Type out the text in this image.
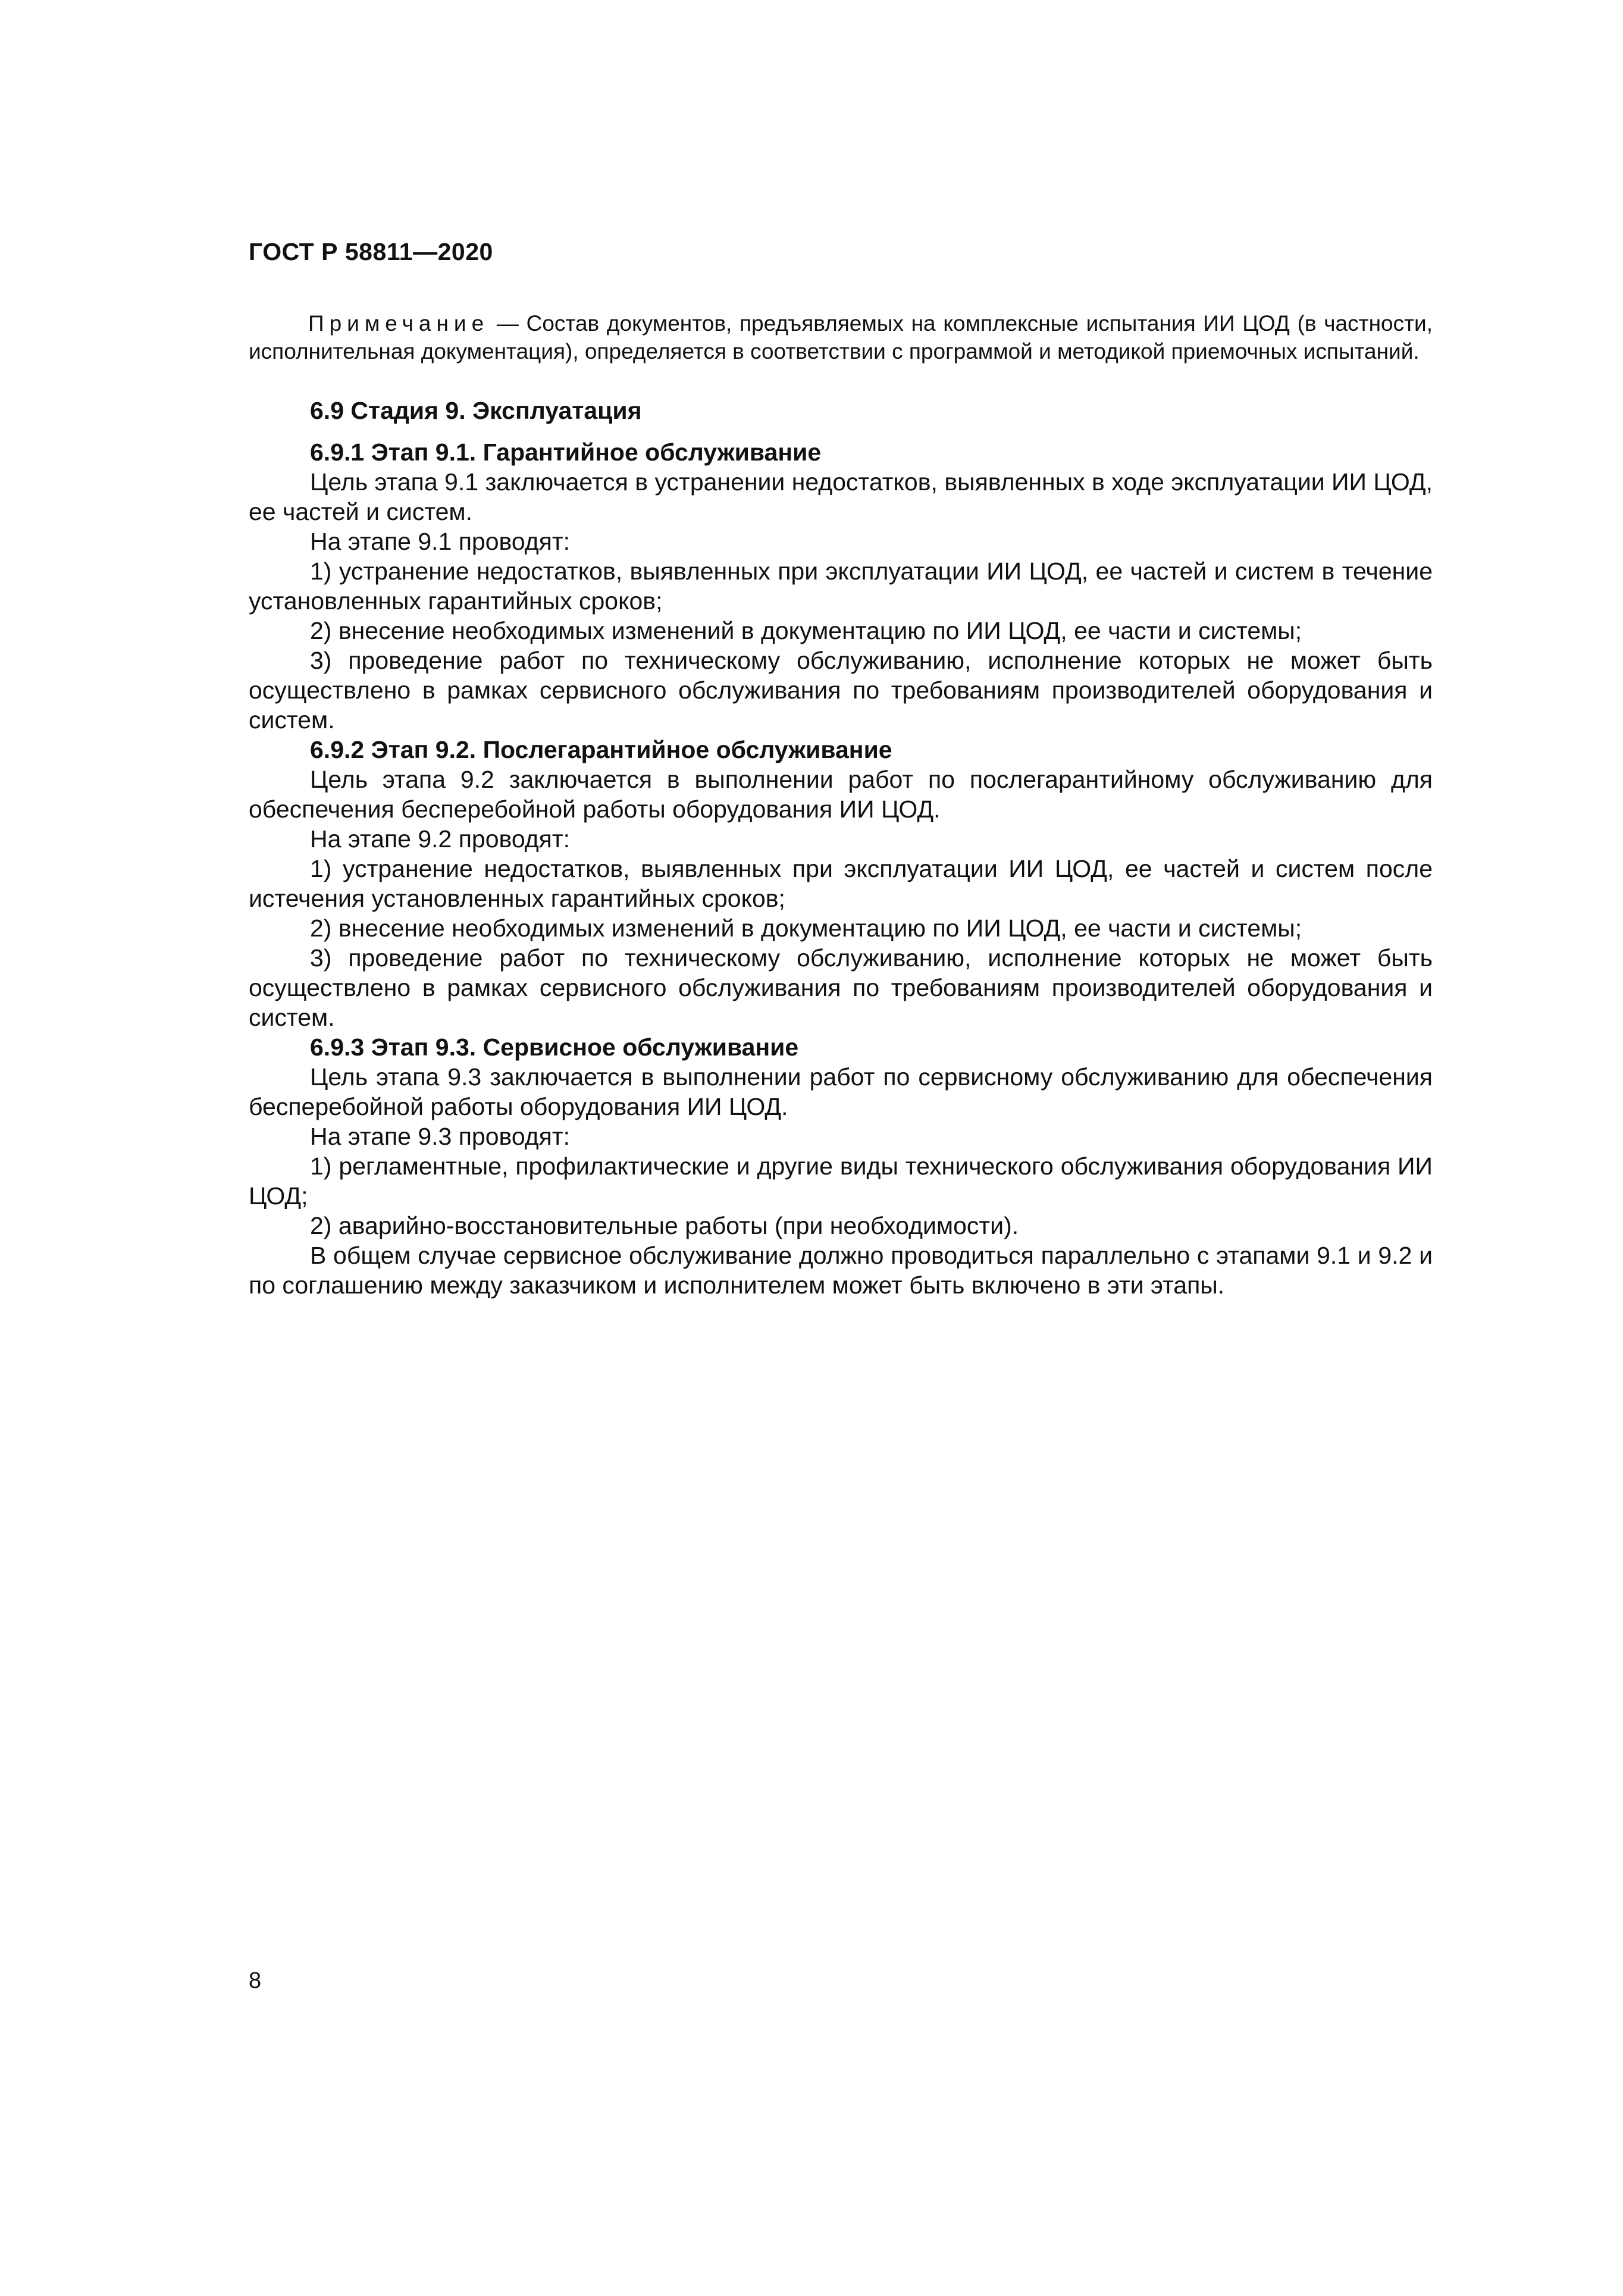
ГОСТ Р 58811—2020
Примечание — Состав документов, предъявляемых на комплексные испытания ИИ ЦОД (в частности, исполнительная документация), определяется в соответствии с программой и методикой приемочных испытаний.

6.9 Стадия 9. Эксплуатация

6.9.1 Этап 9.1. Гарантийное обслуживание

Цель этапа 9.1 заключается в устранении недостатков, выявленных в ходе эксплуатации ИИ ЦОД, ее частей и систем.

На этапе 9.1 проводят:

1) устранение недостатков, выявленных при эксплуатации ИИ ЦОД, ее частей и систем в течение установленных гарантийных сроков;

2) внесение необходимых изменений в документацию по ИИ ЦОД, ее части и системы;

3) проведение работ по техническому обслуживанию, исполнение которых не может быть осуществлено в рамках сервисного обслуживания по требованиям производителей оборудования и систем.

6.9.2 Этап 9.2. Послегарантийное обслуживание

Цель этапа 9.2 заключается в выполнении работ по послегарантийному обслуживанию для обеспечения бесперебойной работы оборудования ИИ ЦОД.

На этапе 9.2 проводят:

1) устранение недостатков, выявленных при эксплуатации ИИ ЦОД, ее частей и систем после истечения установленных гарантийных сроков;

2) внесение необходимых изменений в документацию по ИИ ЦОД, ее части и системы;

3) проведение работ по техническому обслуживанию, исполнение которых не может быть осуществлено в рамках сервисного обслуживания по требованиям производителей оборудования и систем.

6.9.3 Этап 9.3. Сервисное обслуживание

Цель этапа 9.3 заключается в выполнении работ по сервисному обслуживанию для обеспечения бесперебойной работы оборудования ИИ ЦОД.

На этапе 9.3 проводят:

1) регламентные, профилактические и другие виды технического обслуживания оборудования ИИ ЦОД;

2) аварийно-восстановительные работы (при необходимости).

В общем случае сервисное обслуживание должно проводиться параллельно с этапами 9.1 и 9.2 и по соглашению между заказчиком и исполнителем может быть включено в эти этапы.

8
